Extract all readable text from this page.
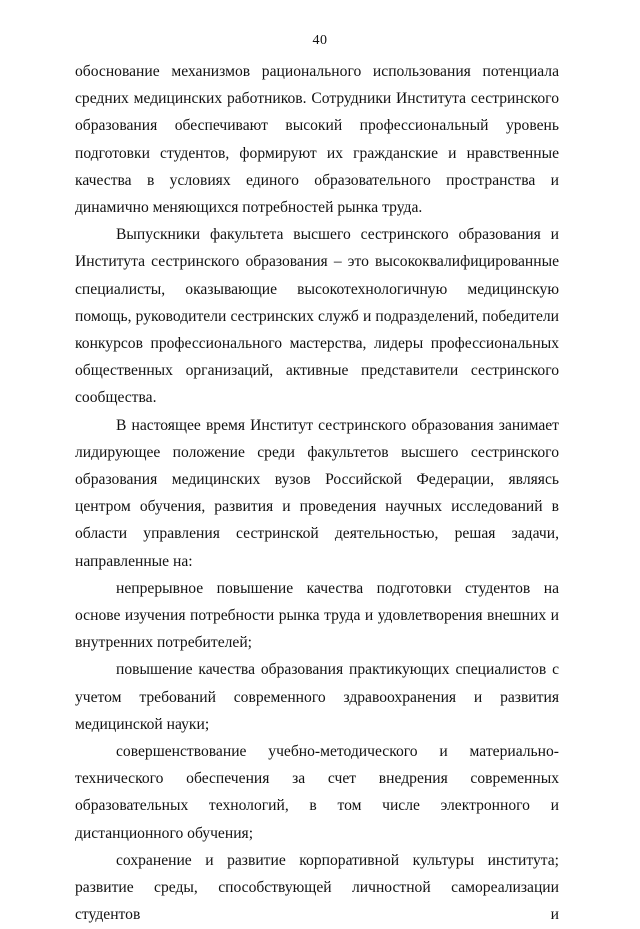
40

обоснование механизмов рационального использования потенциала средних медицинских работников. Сотрудники Института сестринского образования обеспечивают высокий профессиональный уровень подготовки студентов, формируют их гражданские и нравственные качества в условиях единого образовательного пространства и динамично меняющихся потребностей рынка труда.

Выпускники факультета высшего сестринского образования и Института сестринского образования – это высококвалифицированные специалисты, оказывающие высокотехнологичную медицинскую помощь, руководители сестринских служб и подразделений, победители конкурсов профессионального мастерства, лидеры профессиональных общественных организаций, активные представители сестринского сообщества.

В настоящее время Институт сестринского образования занимает лидирующее положение среди факультетов высшего сестринского образования медицинских вузов Российской Федерации, являясь центром обучения, развития и проведения научных исследований в области управления сестринской деятельностью, решая задачи, направленные на:

непрерывное повышение качества подготовки студентов на основе изучения потребности рынка труда и удовлетворения внешних и внутренних потребителей;

повышение качества образования практикующих специалистов с учетом требований современного здравоохранения и развития медицинской науки;

совершенствование учебно-методического и материально-технического обеспечения за счет внедрения современных образовательных технологий, в том числе электронного и дистанционного обучения;

сохранение и развитие корпоративной культуры института; развитие среды, способствующей личностной самореализации студентов и
